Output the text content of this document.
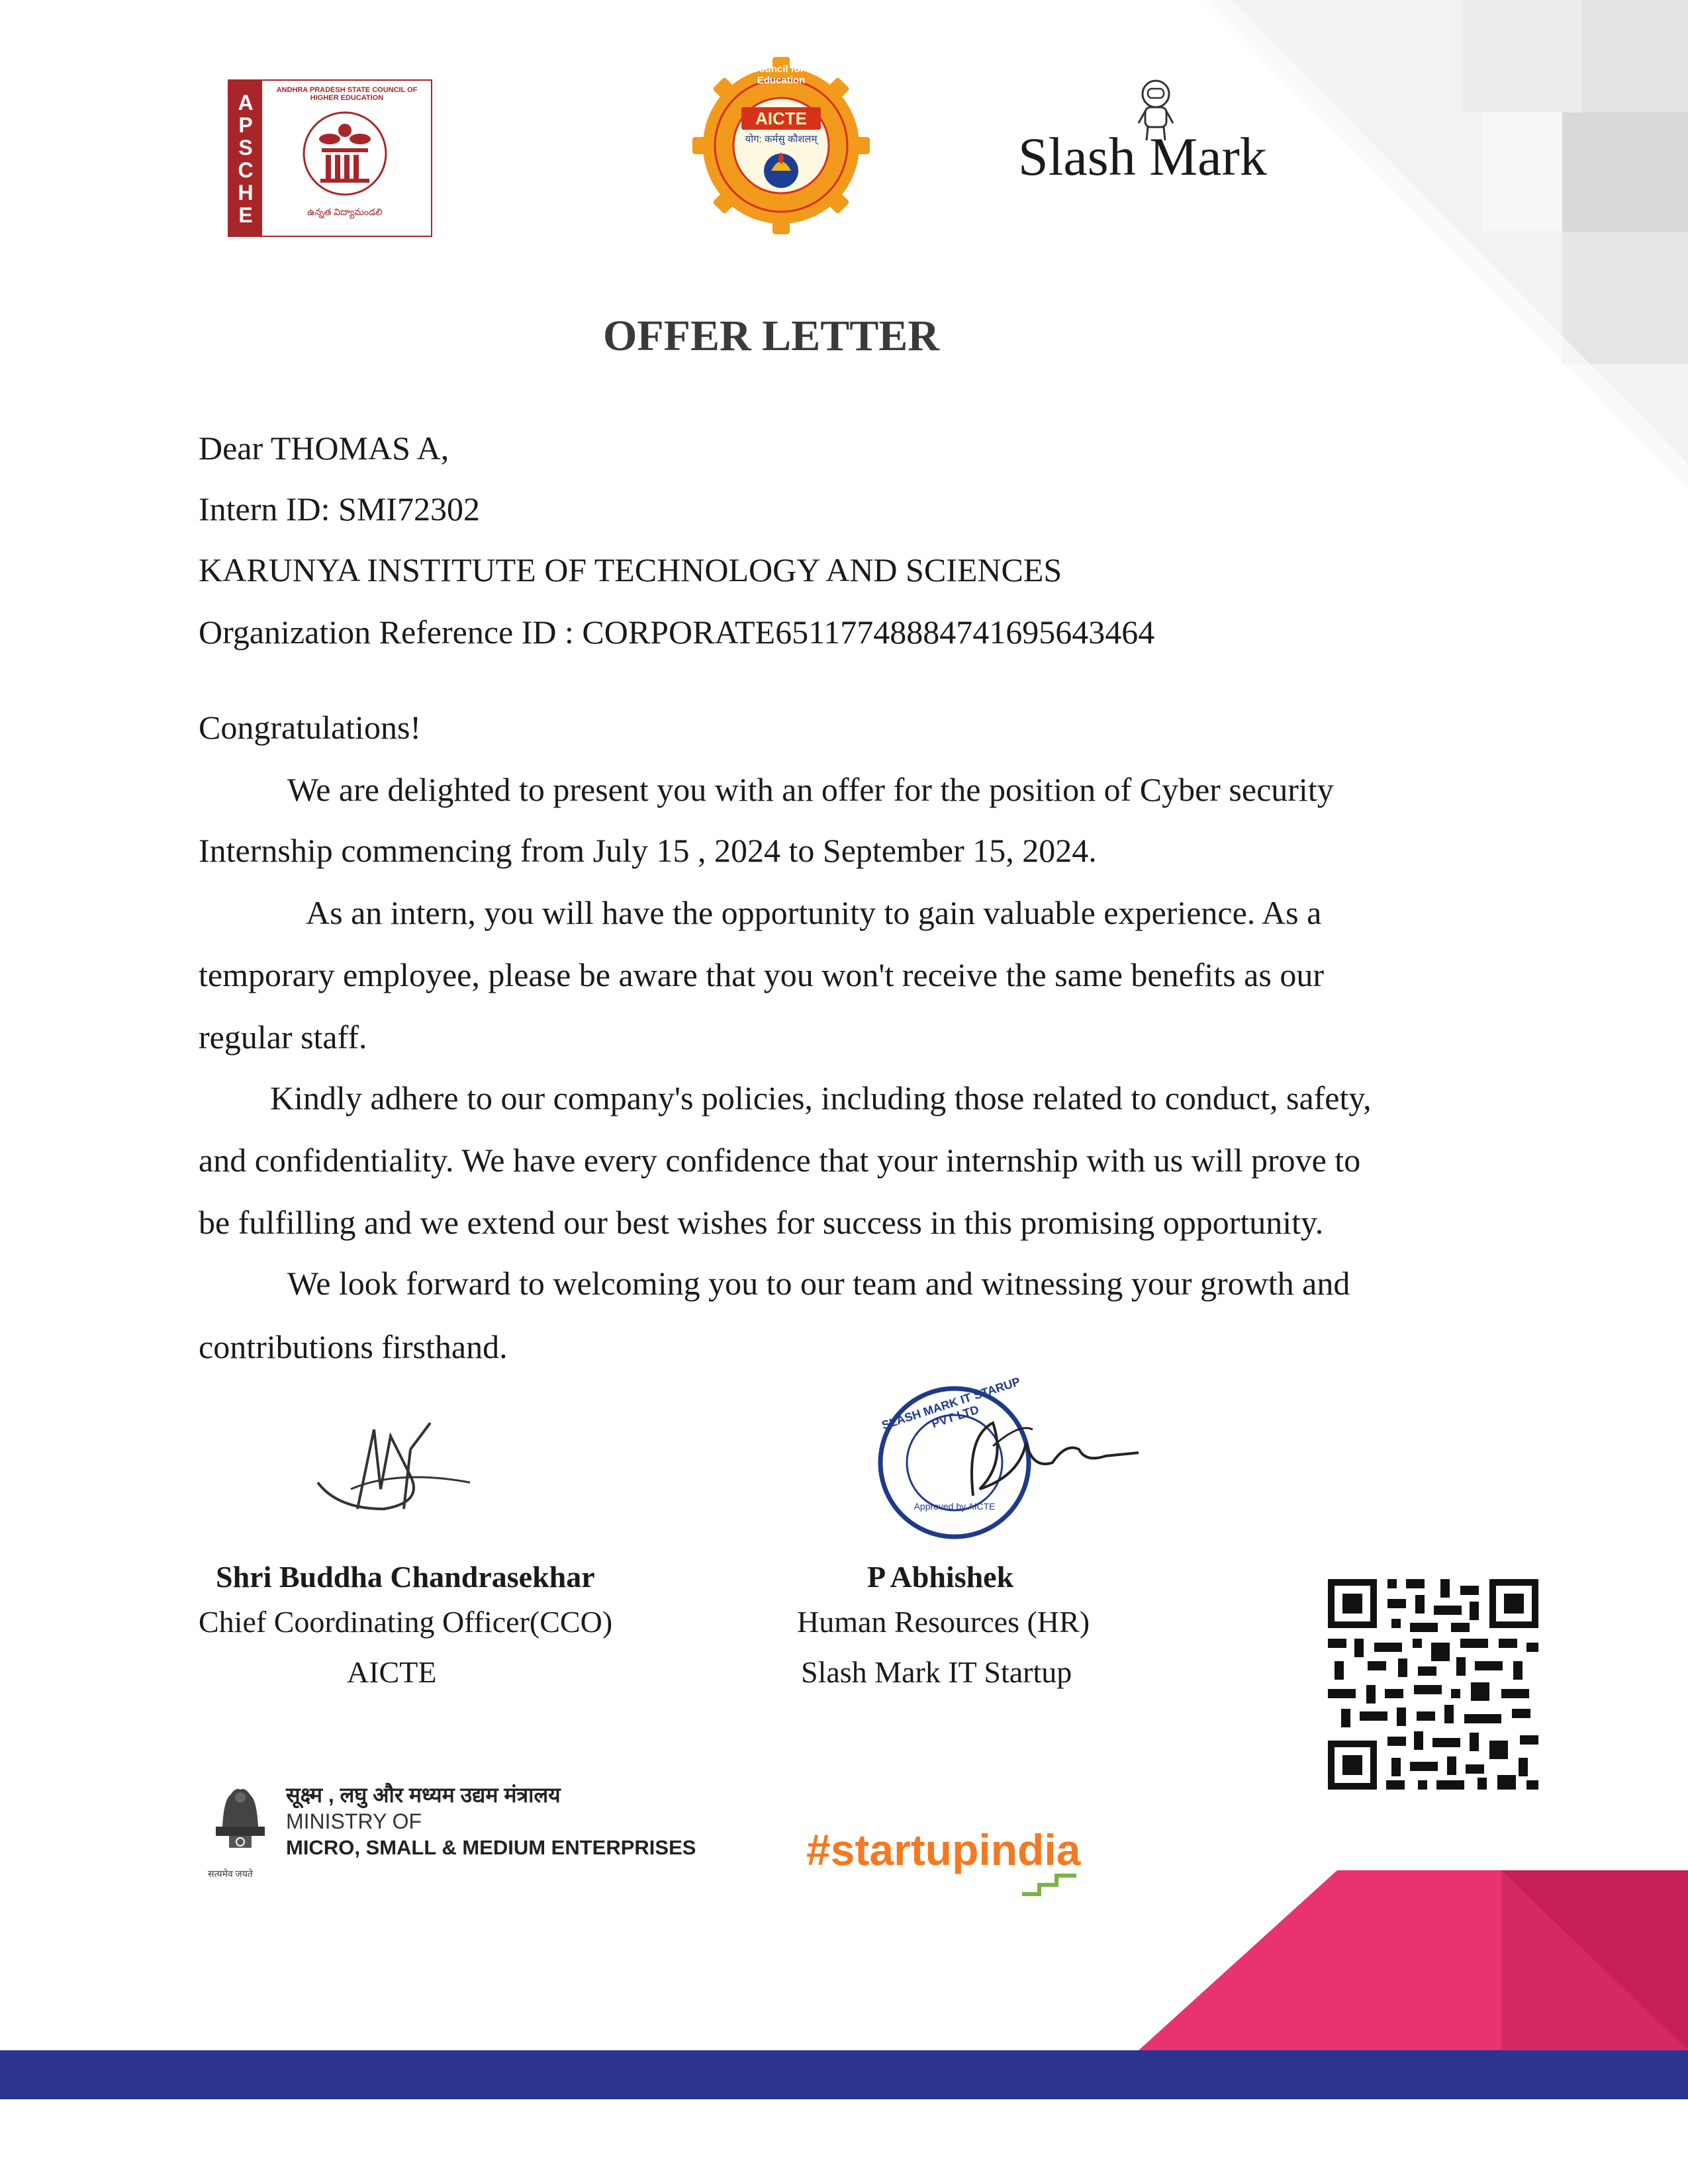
A
P
S
C
H
E
ANDHRA PRADESH STATE COUNCIL OF HIGHER EDUCATION
ఉన్నత విద్యామండలి
All India Council for Technical Education
AICTE
योग: कर्मसु कौशलम्	Slash Mark
OFFER LETTER
Dear THOMAS A,
Intern ID: SMI72302
KARUNYA INSTITUTE OF TECHNOLOGY AND SCIENCES
Organization Reference ID : CORPORATE65117748884741695643464
Congratulations!
We are delighted to present you with an offer for the position of Cyber security
Internship commencing from July 15 , 2024 to September 15, 2024.
As an intern, you will have the opportunity to gain valuable experience. As a
temporary employee, please be aware that you won't receive the same benefits as our
regular staff.
Kindly adhere to our company's policies, including those related to conduct, safety,
and confidentiality. We have every confidence that your internship with us will prove to
be fulfilling and we extend our best wishes for success in this promising opportunity.
We look forward to welcoming you to our team and witnessing your growth and
contributions firsthand.
SLASH MARK IT STARUP PVT LTD
Approved by AICTE
Shri Buddha Chandrasekhar
Chief Coordinating Officer(CCO)
AICTE
P Abhishek
Human Resources (HR)
Slash Mark IT Startup
सत्यमेव जयते
सूक्ष्म , लघु और मध्यम उद्यम मंत्रालय
MINISTRY OF
MICRO, SMALL & MEDIUM ENTERPRISES	#startupindia
